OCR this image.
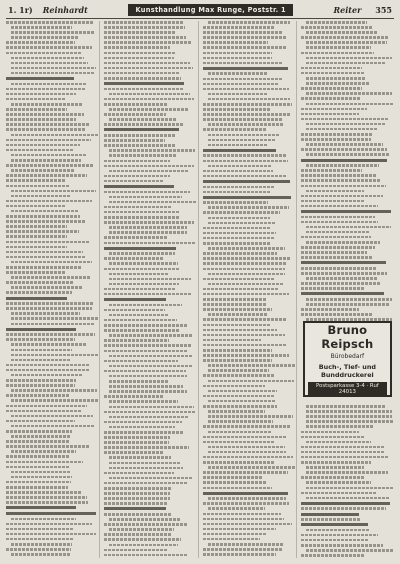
1. 1r) Reinhardt	Kunsthandlung Max Runge, Poststr. 1	Reiter 355
Bruno Reipsch
Bürobedarf
Buch-, Tief- und Bunddruckerei
Postsparkasse 3-4 · Ruf 24013
